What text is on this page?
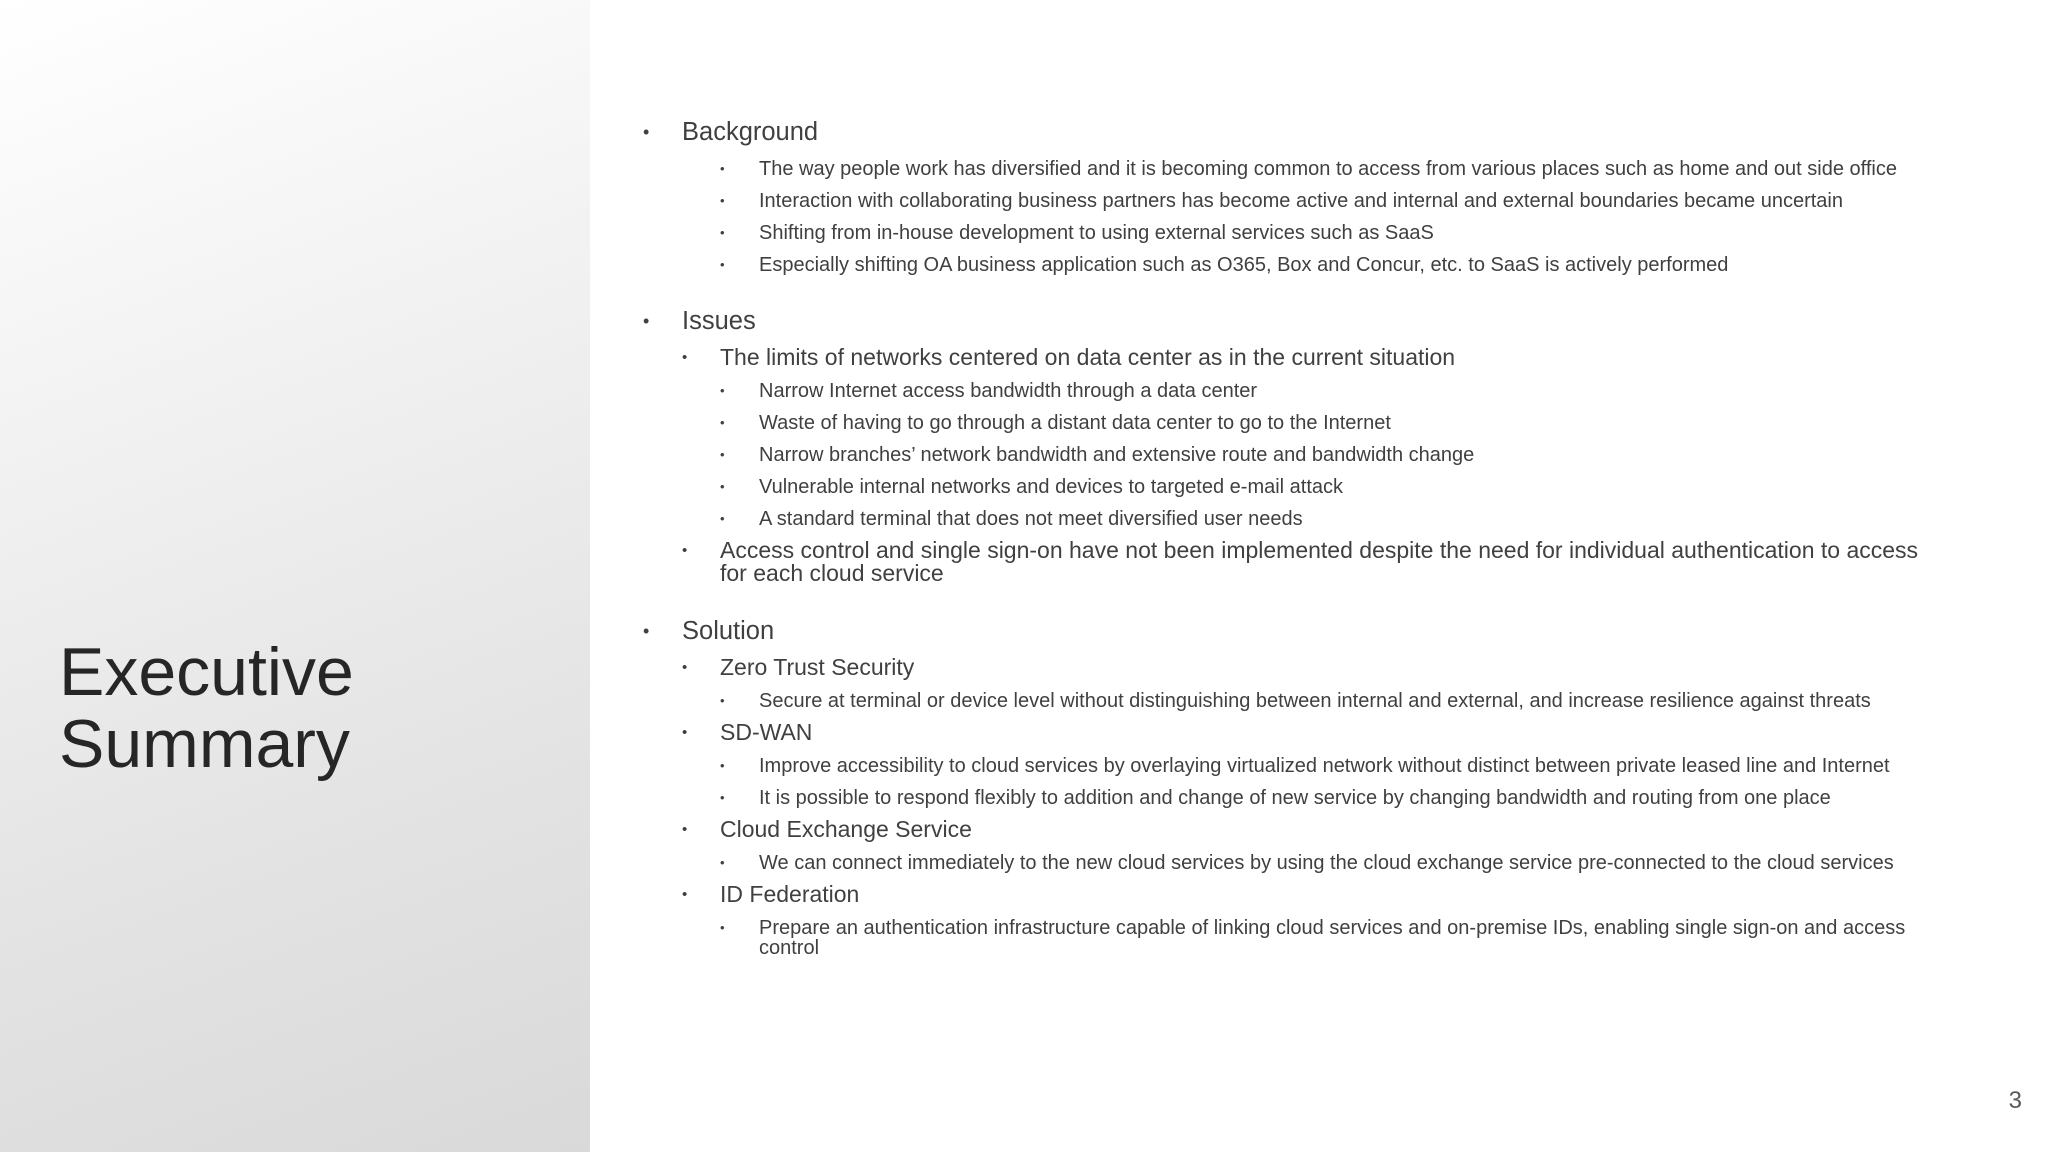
Executive
Summary
• Background
• The way people work has diversified and it is becoming common to access from various places such as home and out side office
• Interaction with collaborating business partners has become active and internal and external boundaries became uncertain
• Shifting from in-house development to using external services such as SaaS
• Especially shifting OA business application such as O365, Box and Concur, etc. to SaaS is actively performed
• Issues
• The limits of networks centered on data center as in the current situation
• Narrow Internet access bandwidth through a data center
• Waste of having to go through a distant data center to go to the Internet
• Narrow branches’ network bandwidth and extensive route and bandwidth change
• Vulnerable internal networks and devices to targeted e-mail attack
• A standard terminal that does not meet diversified user needs
• Access control and single sign-on have not been implemented despite the need for individual authentication to access for each cloud service
• Solution
• Zero Trust Security
• Secure at terminal or device level without distinguishing between internal and external, and increase resilience against threats
• SD-WAN
• Improve accessibility to cloud services by overlaying virtualized network without distinct between private leased line and Internet
• It is possible to respond flexibly to addition and change of new service by changing bandwidth and routing from one place
• Cloud Exchange Service
• We can connect immediately to the new cloud services by using the cloud exchange service pre-connected to the cloud services
• ID Federation
• Prepare an authentication infrastructure capable of linking cloud services and on-premise IDs, enabling single sign-on and access control
3
